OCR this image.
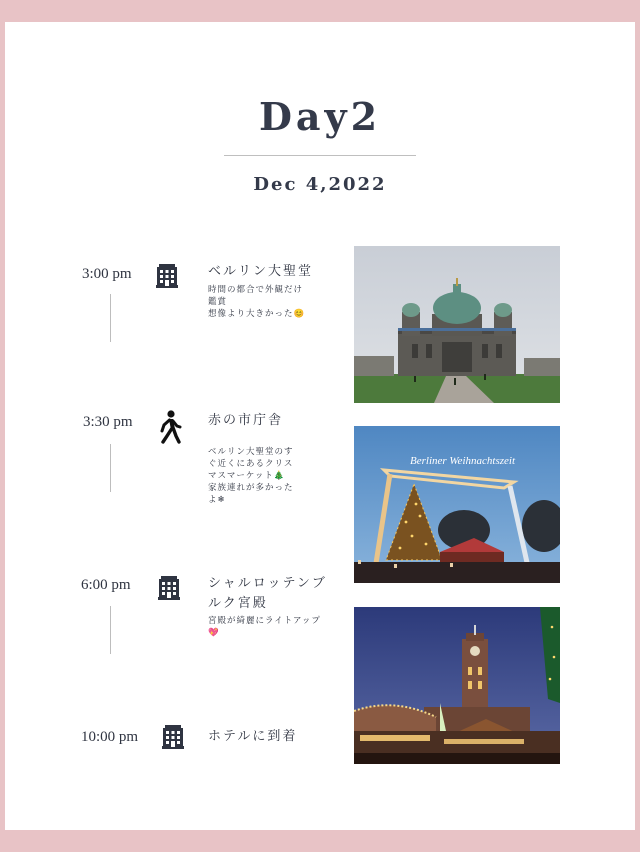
Day2
Dec 4,2022
3:00 pm	ベルリン大聖堂
時間の都合で外観だけ
鑑賞
想像より大きかった😊
3:30 pm	赤の市庁舎
ベルリン大聖堂のす
ぐ近くにあるクリス
マスマーケット🎄
家族連れが多かった
よ❄
6:00 pm	シャルロッテンブ
ルク宮殿
宮殿が綺麗にライトアップ
💖
10:00 pm	ホテルに到着
Berliner Weihnachtszeit
